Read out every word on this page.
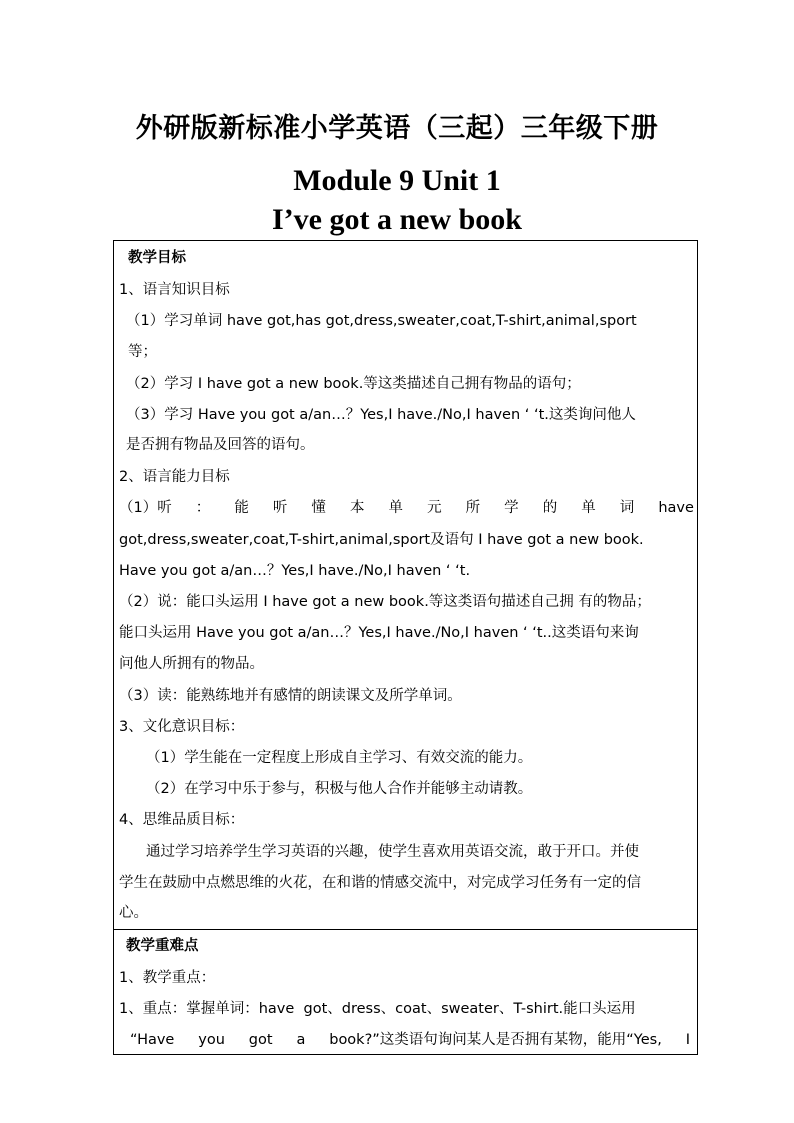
外研版新标准小学英语（三起）三年级下册
Module 9 Unit 1
I’ve got a new book
教学目标
1、语言知识目标
（1）学习单词 have got,has got,dress,sweater,coat,T-shirt,animal,sport
等；
（2）学习 I have got a new book.等这类描述自己拥有物品的语句；
（3）学习 Have you got a/an…？Yes,I have./No,I haven ‘ ‘t.这类询问他人
是否拥有物品及回答的语句。
2、语言能力目标
（1）听 ： 能 听 懂 本 单 元 所 学 的 单 词 have
got,dress,sweater,coat,T-shirt,animal,sport及语句 I have got a new book.
Have you got a/an…？Yes,I have./No,I haven ‘ ‘t.
（2）说：能口头运用 I have got a new book.等这类语句描述自己拥 有的物品；
能口头运用 Have you got a/an…？Yes,I have./No,I haven ‘ ‘t..这类语句来询
问他人所拥有的物品。
（3）读：能熟练地并有感情的朗读课文及所学单词。
3、文化意识目标：
（1）学生能在一定程度上形成自主学习、有效交流的能力。
（2）在学习中乐于参与，积极与他人合作并能够主动请教。
4、思维品质目标：
通过学习培养学生学习英语的兴趣，使学生喜欢用英语交流，敢于开口。并使
学生在鼓励中点燃思维的火花，在和谐的情感交流中，对完成学习任务有一定的信
心。
教学重难点
1、教学重点：
1、重点：掌握单词：have  got、dress、coat、sweater、T-shirt.能口头运用
“Have you got a book?”这类语句询问某人是否拥有某物，能用“Yes, I
